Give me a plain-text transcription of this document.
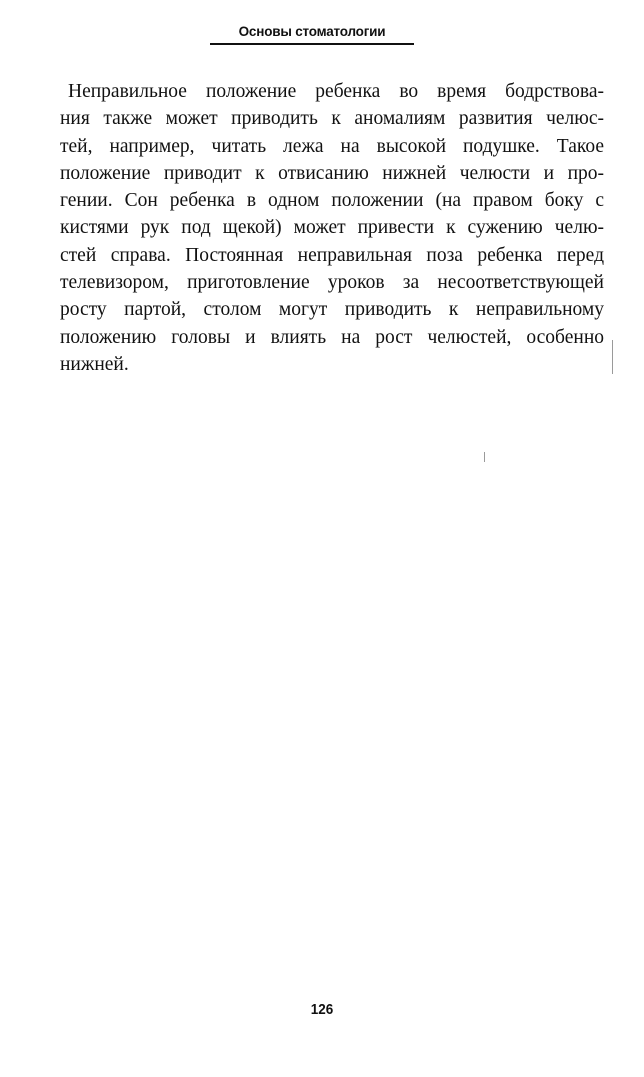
Основы стоматологии
Неправильное положение ребенка во время бодрствова-
ния также может приводить к аномалиям развития челюс-
тей, например, читать лежа на высокой подушке. Такое
положение приводит к отвисанию нижней челюсти и про-
гении. Сон ребенка в одном положении (на правом боку с
кистями рук под щекой) может привести к сужению челю-
стей справа. Постоянная неправильная поза ребенка перед
телевизором, приготовление уроков за несоответствующей
росту партой, столом могут приводить к неправильному
положению головы и влиять на рост челюстей, особенно
нижней.
126
